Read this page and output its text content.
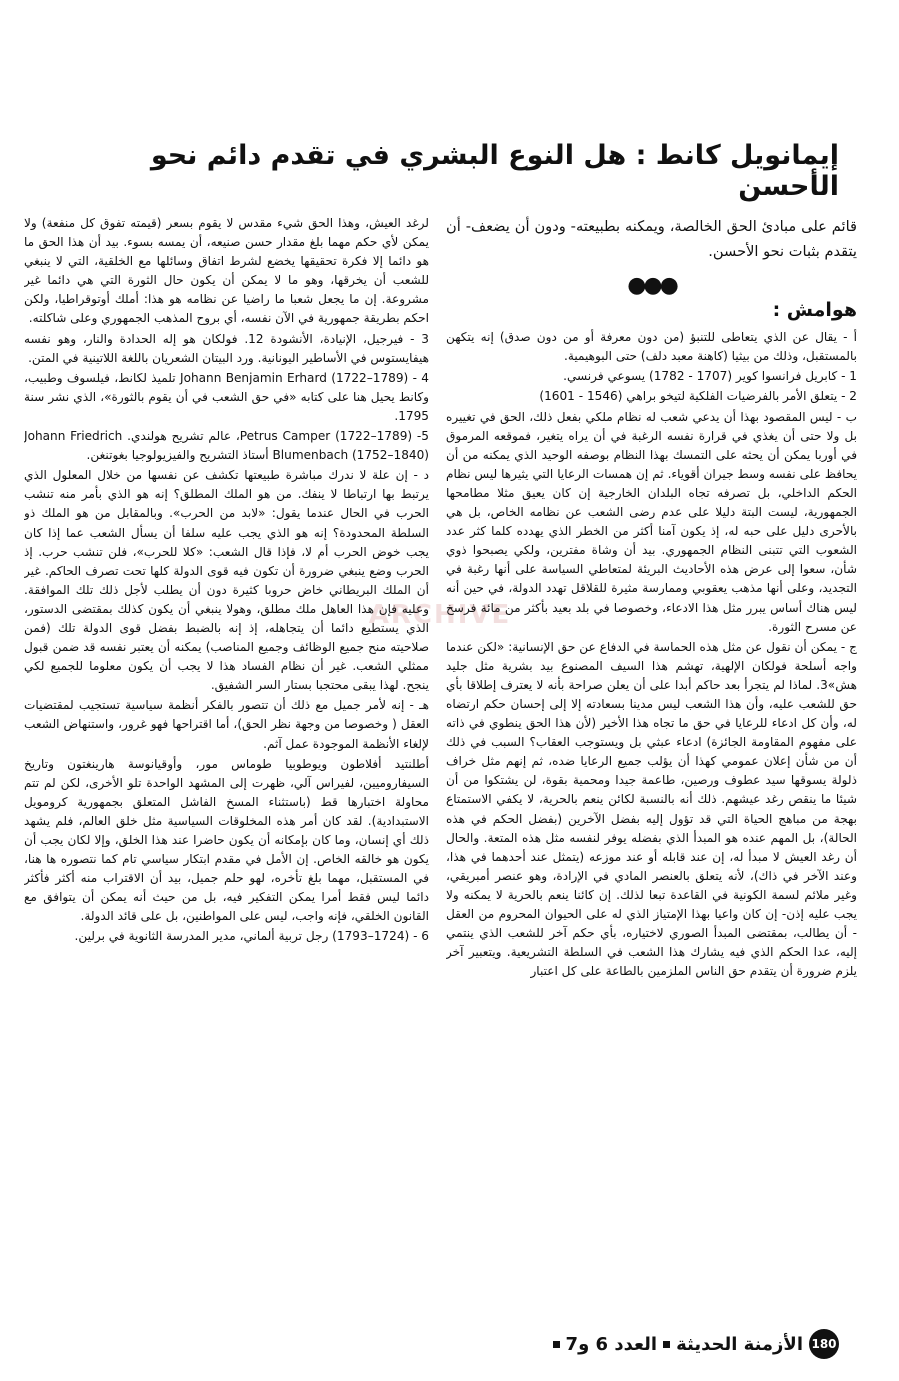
إيمانويل كانط : هل النوع البشري في تقدم دائم نحو الأحسن
ARCHIVE

قائم على مبادئ الحق الخالصة، ويمكنه بطبيعته- ودون أن يضعف- أن يتقدم بثبات نحو الأحسن.

●●●

هوامش :

أ - يقال عن الذي يتعاطى للتنبؤ (من دون معرفة أو من دون صدق) إنه يتكهن بالمستقبل، وذلك من بيثيا (كاهنة معبد دلف) حتى البوهيمية.

1 - كابريل فرانسوا كوير (1707 - 1782) يسوعي فرنسي.

2 - يتعلق الأمر بالفرضيات الفلكية لتيخو براهي (1546 - 1601)

ب - ليس المقصود بهذا أن يدعي شعب له نظام ملكي بفعل ذلك، الحق في تغييره بل ولا حتى أن يغذي في قرارة نفسه الرغبة في أن يراه يتغير، فموقعه المرموق في أوربا يمكن أن يحثه على التمسك بهذا النظام بوصفه الوحيد الذي يمكنه من أن يحافظ على نفسه وسط جيران أقوياء. ثم إن همسات الرعايا التي يثيرها ليس نظام الحكم الداخلي، بل تصرفه تجاه البلدان الخارجية إن كان يعيق مثلا مطامحها الجمهورية، ليست البتة دليلا على عدم رضى الشعب عن نظامه الخاص، بل هي بالأحرى دليل على حبه له، إذ يكون آمنا أكثر من الخطر الذي يهدده كلما كثر عدد الشعوب التي تتبنى النظام الجمهوري. بيد أن وشاة مفترين، ولكي يصبحوا ذوي شأن، سعوا إلى عرض هذه الأحاديث البريئة لمتعاطي السياسة على أنها رغبة في التجديد، وعلى أنها مذهب يعقوبي وممارسة مثيرة للقلاقل تهدد الدولة، في حين أنه ليس هناك أساس يبرر مثل هذا الادعاء، وخصوصا في بلد بعيد بأكثر من مائة فرسخ عن مسرح الثورة.

ج - يمكن أن نقول عن مثل هذه الحماسة في الدفاع عن حق الإنسانية: «لكن عندما واجه أسلحة فولكان الإلهية، تهشم هذا السيف المصنوع بيد بشرية مثل جليد هش»3. لماذا لم يتجرأ بعد حاكم أبدا على أن يعلن صراحة بأنه لا يعترف إطلاقا بأي حق للشعب عليه، وأن هذا الشعب ليس مدينا بسعادته إلا إلى إحسان حكم ارتضاه له، وأن كل ادعاء للرعايا في حق ما تجاه هذا الأخير (لأن هذا الحق ينطوي في ذاته على مفهوم المقاومة الجائزة) ادعاء عبثي بل ويستوجب العقاب؟ السبب في ذلك أن من شأن إعلان عمومي كهذا أن يؤلب جميع الرعايا ضده، ثم إنهم مثل خراف ذلولة يسوقها سيد عطوف ورصين، طاعمة جيدا ومحمية بقوة، لن يشتكوا من أن شيئا ما ينقص رغد عيشهم. ذلك أنه بالنسبة لكائن ينعم بالحرية، لا يكفي الاستمتاع بهجة من مباهج الحياة التي قد تؤول إليه بفضل الآخرين (بفضل الحكم في هذه الحالة)، بل المهم عنده هو المبدأ الذي بفضله يوفر لنفسه مثل هذه المتعة. والحال أن رغد العيش لا مبدأ له، إن عند قابله أو عند موزعه (يتمثل عند أحدهما في هذا، وعند الآخر في ذاك)، لأنه يتعلق بالعنصر المادي في الإرادة، وهو عنصر أمبريقي، وغير ملائم لسمة الكونية في القاعدة تبعا لذلك. إن كائنا ينعم بالحرية لا يمكنه ولا يجب عليه إذن- إن كان واعيا بهذا الإمتياز الذي له على الحيوان المحروم من العقل - أن يطالب، بمقتضى المبدأ الصوري لاختياره، بأي حكم آخر للشعب الذي ينتمي إليه، عدا الحكم الذي فيه يشارك هذا الشعب في السلطة التشريعية. ويتعبير آخر يلزم ضرورة أن يتقدم حق الناس الملزمين بالطاعة على كل اعتبار

لرغد العيش، وهذا الحق شيء مقدس لا يقوم بسعر (قيمته تفوق كل منفعة) ولا يمكن لأي حكم مهما بلغ مقدار حسن صنيعه، أن يمسه بسوء. بيد أن هذا الحق ما هو دائما إلا فكرة تحقيقها يخضع لشرط اتفاق وسائلها مع الخلقية، التي لا ينبغي للشعب أن يخرقها، وهو ما لا يمكن أن يكون حال الثورة التي هي دائما غير مشروعة. إن ما يجعل شعبا ما راضيا عن نظامه هو هذا: أملك أوتوقراطيا، ولكن احكم بطريقة جمهورية في الآن نفسه، أي بروح المذهب الجمهوري وعلى شاكلته.

3 - فيرجيل، الإنيادة، الأنشودة 12. فولكان هو إله الحدادة والنار، وهو نفسه هيفايستوس في الأساطير اليونانية. ورد البيتان الشعريان باللغة اللاتينية في المتن.

4 - Johann Benjamin Erhard (1722–1789) تلميذ لكانط، فيلسوف وطبيب، وكانط يحيل هنا على كتابه «في حق الشعب في أن يقوم بالثورة»، الذي نشر سنة 1795.

5- Petrus Camper (1722–1789)، عالم تشريح هولندي. Johann Friedrich Blumenbach (1752–1840) أستاذ التشريح والفيزيولوجيا بغوتنغن.

د - إن علة لا ندرك مباشرة طبيعتها تكشف عن نفسها من خلال المعلول الذي يرتبط بها ارتباطا لا ينفك. من هو الملك المطلق؟ إنه هو الذي بأمر منه تنشب الحرب في الحال عندما يقول: «لابد من الحرب». وبالمقابل من هو الملك ذو السلطة المحدودة؟ إنه هو الذي يجب عليه سلفا أن يسأل الشعب عما إذا كان يجب خوض الحرب أم لا، فإذا قال الشعب: «كلا للحرب»، فلن تنشب حرب. إذ الحرب وضع ينبغي ضرورة أن تكون فيه قوى الدولة كلها تحت تصرف الحاكم. غير أن الملك البريطاني خاض حروبا كثيرة دون أن يطلب لأجل ذلك تلك الموافقة. وعليه فإن هذا العاهل ملك مطلق، وهولا ينبغي أن يكون كذلك بمقتضى الدستور، الذي يستطيع دائما أن يتجاهله، إذ إنه بالضبط بفضل قوى الدولة تلك (فمن صلاحيته منح جميع الوظائف وجميع المناصب) يمكنه أن يعتبر نفسه قد ضمن قبول ممثلي الشعب. غير أن نظام الفساد هذا لا يجب أن يكون معلوما للجميع لكي ينجح. لهذا يبقى محتجبا بستار السر الشفيق.

هـ - إنه لأمر جميل مع ذلك أن تتصور بالفكر أنظمة سياسية تستجيب لمقتضيات العقل ( وخصوصا من وجهة نظر الحق)، أما اقتراحها فهو غرور، واستنهاض الشعب لإلغاء الأنظمة الموجودة عمل آثم.

أطلنتيد أفلاطون ويوطوبيا طوماس مور، وأوقيانوسة هارينغتون وتاريخ السيفاروميين، لفيراس آلي، ظهرت إلى المشهد الواحدة تلو الأخرى، لكن لم تتم محاولة اختبارها قط (باستثناء المسخ الفاشل المتعلق بجمهورية كرومويل الاستبدادية). لقد كان أمر هذه المخلوقات السياسية مثل خلق العالم، فلم يشهد ذلك أي إنسان، وما كان بإمكانه أن يكون حاضرا عند هذا الخلق، وإلا لكان يجب أن يكون هو خالقه الخاص. إن الأمل في مقدم ابتكار سياسي تام كما نتصوره ها هنا، في المستقبل، مهما بلغ تأخره، لهو حلم جميل، بيد أن الاقتراب منه أكثر فأكثر دائما ليس فقط أمرا يمكن التفكير فيه، بل من حيث أنه يمكن أن يتوافق مع القانون الخلقي، فإنه واجب، ليس على المواطنين، بل على قائد الدولة.

6 - (1724–1793) رجل تربية ألماني، مدير المدرسة الثانوية في برلين.

180
الأزمنة الحديثة
العدد 6 و7
